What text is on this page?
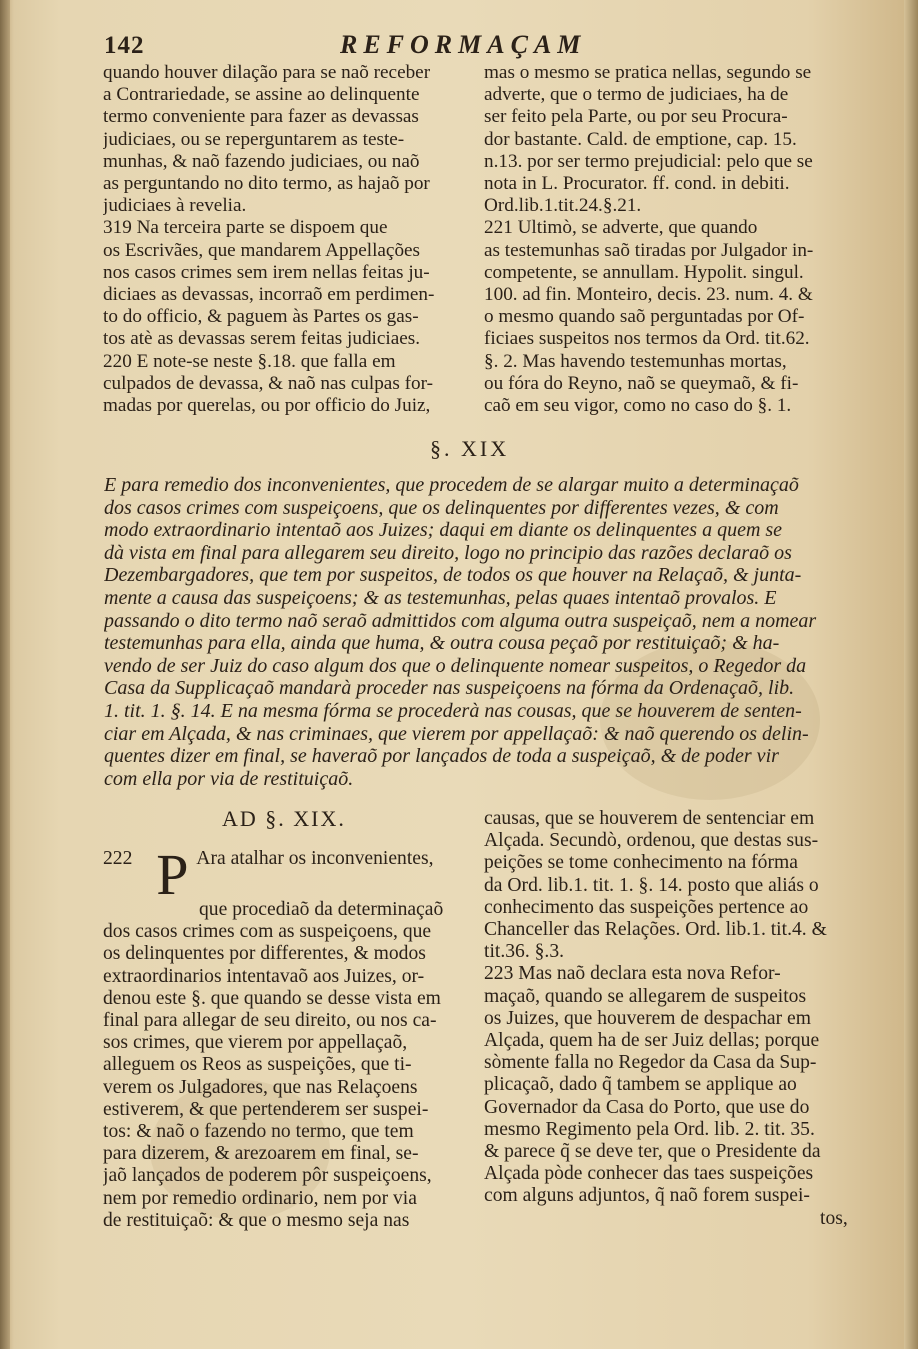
142	REFORMAÇAM
quando houver dilação para se naõ receber
a Contrariedade, se assine ao delinquente
termo conveniente para fazer as devassas
judiciaes, ou se reperguntarem as teste-
munhas, & naõ fazendo judiciaes, ou naõ
as perguntando no dito termo, as hajaõ por
judiciaes à revelia.
319 Na terceira parte se dispoem que
os Escrivães, que mandarem Appellações
nos casos crimes sem irem nellas feitas ju-
diciaes as devassas, incorraõ em perdimen-
to do officio, & paguem às Partes os gas-
tos atè as devassas serem feitas judiciaes.
220 E note-se neste §.18. que falla em
culpados de devassa, & naõ nas culpas for-
madas por querelas, ou por officio do Juiz,
mas o mesmo se pratica nellas, segundo se
adverte, que o termo de judiciaes, ha de
ser feito pela Parte, ou por seu Procura-
dor bastante. Cald. de emptione, cap. 15.
n.13. por ser termo prejudicial: pelo que se
nota in L. Procurator. ff. cond. in debiti.
Ord.lib.1.tit.24.§.21.
221 Ultimò, se adverte, que quando
as testemunhas saõ tiradas por Julgador in-
competente, se annullam. Hypolit. singul.
100. ad fin. Monteiro, decis. 23. num. 4. &
o mesmo quando saõ perguntadas por Of-
ficiaes suspeitos nos termos da Ord. tit.62.
§. 2. Mas havendo testemunhas mortas,
ou fóra do Reyno, naõ se queymaõ, & fi-
caõ em seu vigor, como no caso do §. 1.
§. XIX
E para remedio dos inconvenientes, que procedem de se alargar muito a determinaçaõ
dos casos crimes com suspeiçoens, que os delinquentes por differentes vezes, & com
modo extraordinario intentaõ aos Juizes; daqui em diante os delinquentes a quem se
dà vista em final para allegarem seu direito, logo no principio das razões declaraõ os
Dezembargadores, que tem por suspeitos, de todos os que houver na Relaçaõ, & junta-
mente a causa das suspeiçoens; & as testemunhas, pelas quaes intentaõ provalos. E
passando o dito termo naõ seraõ admittidos com alguma outra suspeiçaõ, nem a nomear
testemunhas para ella, ainda que huma, & outra cousa peçaõ por restituiçaõ; & ha-
vendo de ser Juiz do caso algum dos que o delinquente nomear suspeitos, o Regedor da
Casa da Supplicaçaõ mandarà proceder nas suspeiçoens na fórma da Ordenaçaõ, lib.
1. tit. 1. §. 14. E na mesma fórma se procederà nas cousas, que se houverem de senten-
ciar em Alçada, & nas criminaes, que vierem por appellaçaõ: & naõ querendo os delin-
quentes dizer em final, se haveraõ por lançados de toda a suspeiçaõ, & de poder vir
com ella por via de restituiçaõ.
AD §. XIX.
222 P Ara atalhar os inconvenientes,
que procediaõ da determinaçaõ
dos casos crimes com as suspeiçoens, que
os delinquentes por differentes, & modos
extraordinarios intentavaõ aos Juizes, or-
denou este §. que quando se desse vista em
final para allegar de seu direito, ou nos ca-
sos crimes, que vierem por appellaçaõ,
alleguem os Reos as suspeições, que ti-
verem os Julgadores, que nas Relaçoens
estiverem, & que pertenderem ser suspei-
tos: & naõ o fazendo no termo, que tem
para dizerem, & arezoarem em final, se-
jaõ lançados de poderem pôr suspeiçoens,
nem por remedio ordinario, nem por via
de restituiçaõ: & que o mesmo seja nas
causas, que se houverem de sentenciar em
Alçada. Secundò, ordenou, que destas sus-
peições se tome conhecimento na fórma
da Ord. lib.1. tit. 1. §. 14. posto que aliás o
conhecimento das suspeições pertence ao
Chanceller das Relações. Ord. lib.1. tit.4. &
tit.36. §.3.
223 Mas naõ declara esta nova Refor-
maçaõ, quando se allegarem de suspeitos
os Juizes, que houverem de despachar em
Alçada, quem ha de ser Juiz dellas; porque
sòmente falla no Regedor da Casa da Sup-
plicaçaõ, dado q̃ tambem se applique ao
Governador da Casa do Porto, que use do
mesmo Regimento pela Ord. lib. 2. tit. 35.
& parece q̃ se deve ter, que o Presidente da
Alçada pòde conhecer das taes suspeições
com alguns adjuntos, q̃ naõ forem suspei-
tos,
